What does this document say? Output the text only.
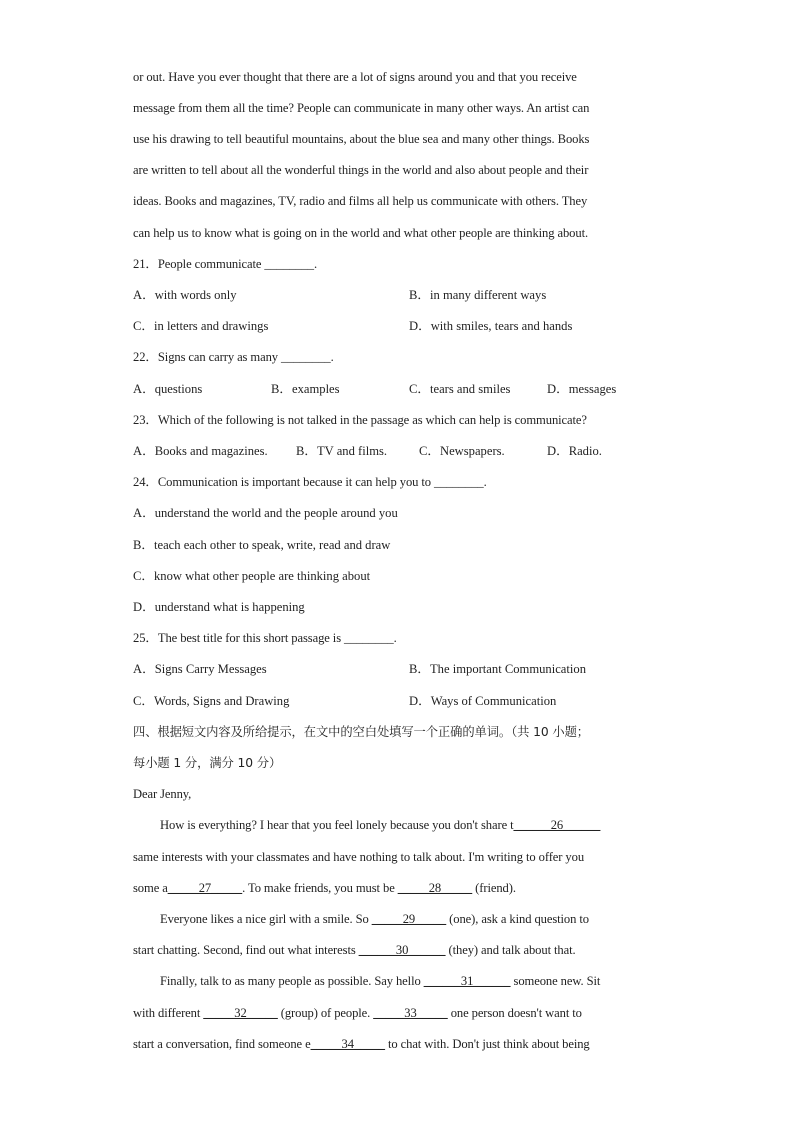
or out. Have you ever thought that there are a lot of signs around you and that you receive
message from them all the time? People can communicate in many other ways. An artist can
use his drawing to tell beautiful mountains, about the blue sea and many other things. Books
are written to tell about all the wonderful things in the world and also about people and their
ideas. Books and magazines, TV, radio and films all help us communicate with others. They
can help us to know what is going on in the world and what other people are thinking about.
21．People communicate ________.
A．with words only	B．in many different ways
C．in letters and drawings	D．with smiles, tears and hands
22．Signs can carry as many ________.
A．questions	B．examples	C．tears and smiles	D．messages
23．Which of the following is not talked in the passage as which can help is communicate?
A．Books and magazines. B．TV and films.	C．Newspapers.	D．Radio.
24．Communication is important because it can help you to ________.
A．understand the world and the people around you
B．teach each other to speak, write, read and draw
C．know what other people are thinking about
D．understand what is happening
25．The best title for this short passage is ________.
A．Signs Carry Messages	B．The important Communication
C．Words, Signs and Drawing	D．Ways of Communication
四、根据短文内容及所给提示，在文中的空白处填写一个正确的单词。（共 10 小题；
每小题 1 分，满分 10 分）
Dear Jenny,
How is everything? I hear that you feel lonely because you don't share t______26______
same interests with your classmates and have nothing to talk about. I'm writing to offer you
some a_____27_____. To make friends, you must be _____28_____ (friend).
Everyone likes a nice girl with a smile. So _____29_____ (one), ask a kind question to
start chatting. Second, find out what interests ______30______ (they) and talk about that.
Finally, talk to as many people as possible. Say hello ______31______ someone new. Sit
with different _____32_____ (group) of people. _____33_____ one person doesn't want to
start a conversation, find someone e_____34_____ to chat with. Don't just think about being
